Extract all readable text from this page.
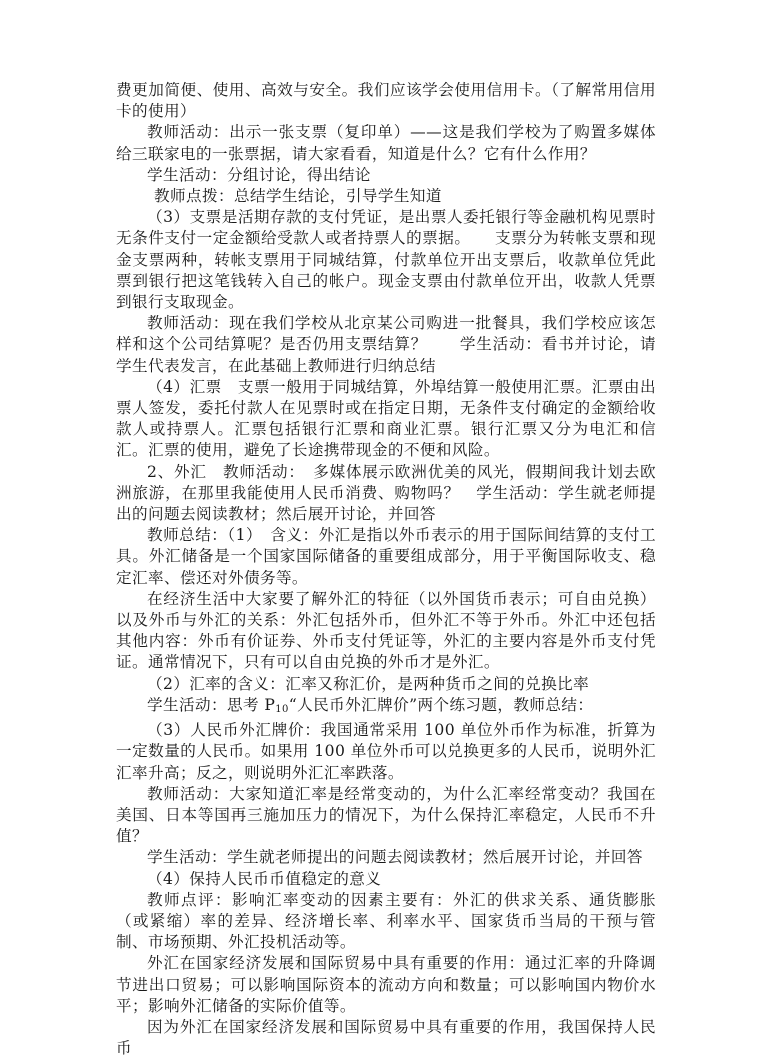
费更加简便、使用、高效与安全。我们应该学会使用信用卡。（了解常用信用卡的使用）

教师活动：出示一张支票（复印单）——这是我们学校为了购置多媒体给三联家电的一张票据，请大家看看，知道是什么？它有什么作用？

学生活动：分组讨论，得出结论

教师点拨：总结学生结论，引导学生知道

（3）支票是活期存款的支付凭证，是出票人委托银行等金融机构见票时无条件支付一定金额给受款人或者持票人的票据。　　支票分为转帐支票和现金支票两种，转帐支票用于同城结算，付款单位开出支票后，收款单位凭此票到银行把这笔钱转入自己的帐户。现金支票由付款单位开出，收款人凭票到银行支取现金。

教师活动：现在我们学校从北京某公司购进一批餐具，我们学校应该怎样和这个公司结算呢？是否仍用支票结算？　　学生活动：看书并讨论，请学生代表发言，在此基础上教师进行归纳总结

（4）汇票　支票一般用于同城结算，外埠结算一般使用汇票。汇票由出票人签发，委托付款人在见票时或在指定日期，无条件支付确定的金额给收款人或持票人。汇票包括银行汇票和商业汇票。银行汇票又分为电汇和信汇。汇票的使用，避免了长途携带现金的不便和风险。

2、外汇　教师活动：　多媒体展示欧洲优美的风光，假期间我计划去欧洲旅游，在那里我能使用人民币消费、购物吗？　学生活动：学生就老师提出的问题去阅读教材；然后展开讨论，并回答

教师总结：（1）　含义：外汇是指以外币表示的用于国际间结算的支付工具。外汇储备是一个国家国际储备的重要组成部分，用于平衡国际收支、稳定汇率、偿还对外债务等。

在经济生活中大家要了解外汇的特征（以外国货币表示；可自由兑换）以及外币与外汇的关系：外汇包括外币，但外汇不等于外币。外汇中还包括其他内容：外币有价证券、外币支付凭证等，外汇的主要内容是外币支付凭证。通常情况下，只有可以自由兑换的外币才是外汇。

（2）汇率的含义：汇率又称汇价，是两种货币之间的兑换比率

学生活动：思考 $P_{10}“$人民币外汇牌价”两个练习题，教师总结：

（3）人民币外汇牌价：我国通常采用 100 单位外币作为标准，折算为一定数量的人民币。如果用 100 单位外币可以兑换更多的人民币，说明外汇汇率升高；反之，则说明外汇汇率跌落。

教师活动：大家知道汇率是经常变动的，为什么汇率经常变动？我国在美国、日本等国再三施加压力的情况下，为什么保持汇率稳定，人民币不升值？

学生活动：学生就老师提出的问题去阅读教材；然后展开讨论，并回答

（4）保持人民币币值稳定的意义

教师点评：影响汇率变动的因素主要有：外汇的供求关系、通货膨胀（或紧缩）率的差异、经济增长率、利率水平、国家货币当局的干预与管制、市场预期、外汇投机活动等。

外汇在国家经济发展和国际贸易中具有重要的作用：通过汇率的升降调节进出口贸易；可以影响国际资本的流动方向和数量；可以影响国内物价水平；影响外汇储备的实际价值等。

因为外汇在国家经济发展和国际贸易中具有重要的作用，我国保持人民币
